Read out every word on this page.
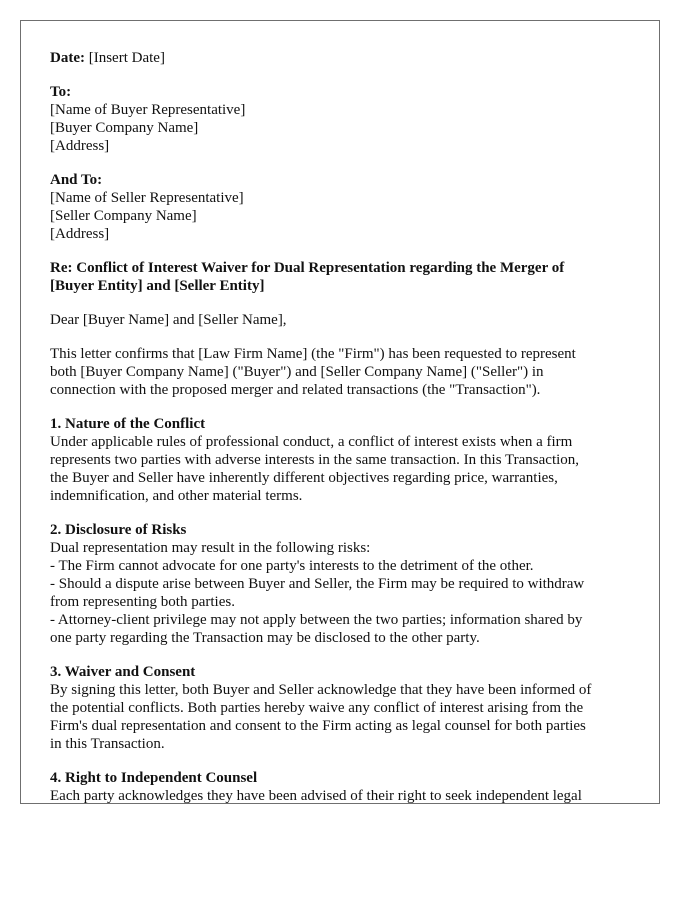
Date: [Insert Date]
To:
[Name of Buyer Representative]
[Buyer Company Name]
[Address]
And To:
[Name of Seller Representative]
[Seller Company Name]
[Address]
Re: Conflict of Interest Waiver for Dual Representation regarding the Merger of
[Buyer Entity] and [Seller Entity]
Dear [Buyer Name] and [Seller Name],
This letter confirms that [Law Firm Name] (the "Firm") has been requested to represent
both [Buyer Company Name] ("Buyer") and [Seller Company Name] ("Seller") in
connection with the proposed merger and related transactions (the "Transaction").
1. Nature of the Conflict
Under applicable rules of professional conduct, a conflict of interest exists when a firm
represents two parties with adverse interests in the same transaction. In this Transaction,
the Buyer and Seller have inherently different objectives regarding price, warranties,
indemnification, and other material terms.
2. Disclosure of Risks
Dual representation may result in the following risks:
- The Firm cannot advocate for one party's interests to the detriment of the other.
- Should a dispute arise between Buyer and Seller, the Firm may be required to withdraw
from representing both parties.
- Attorney-client privilege may not apply between the two parties; information shared by
one party regarding the Transaction may be disclosed to the other party.
3. Waiver and Consent
By signing this letter, both Buyer and Seller acknowledge that they have been informed of
the potential conflicts. Both parties hereby waive any conflict of interest arising from the
Firm's dual representation and consent to the Firm acting as legal counsel for both parties
in this Transaction.
4. Right to Independent Counsel
Each party acknowledges they have been advised of their right to seek independent legal
